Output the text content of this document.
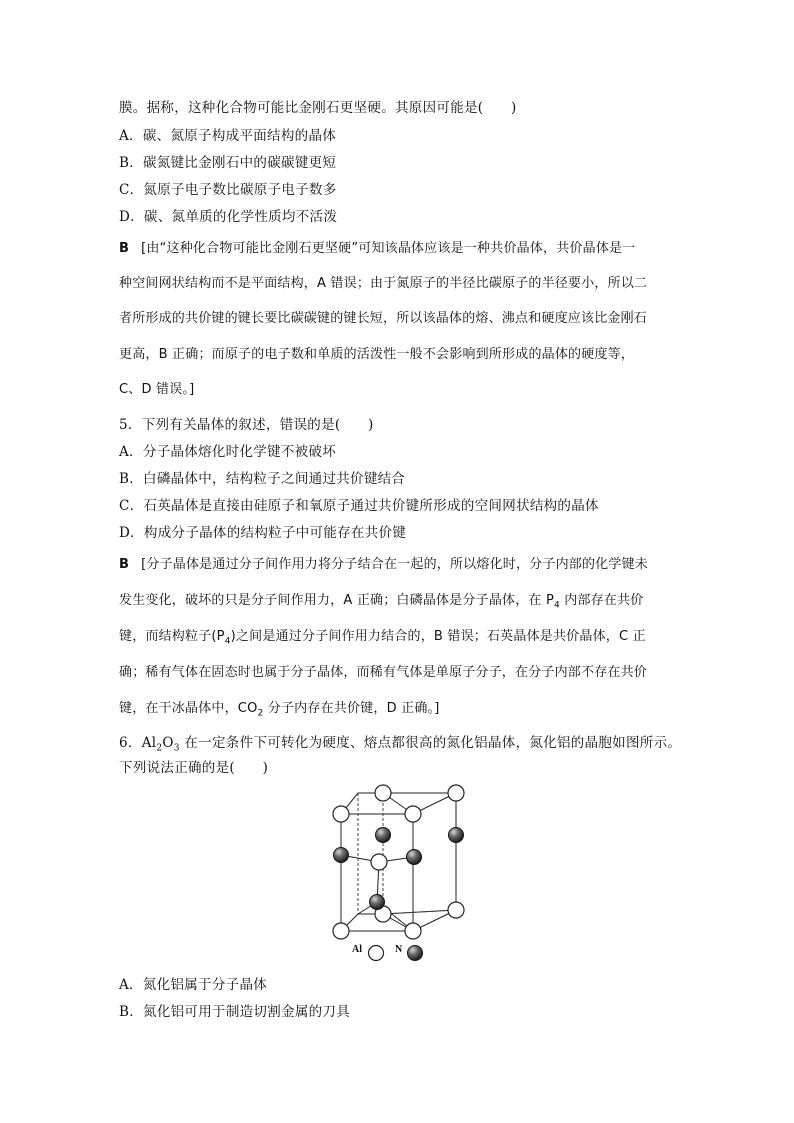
膜。据称，这种化合物可能比金刚石更坚硬。其原因可能是(　　)
A．碳、氮原子构成平面结构的晶体
B．碳氮键比金刚石中的碳碳键更短
C．氮原子电子数比碳原子电子数多
D．碳、氮单质的化学性质均不活泼
B [由“这种化合物可能比金刚石更坚硬”可知该晶体应该是一种共价晶体，共价晶体是一
种空间网状结构而不是平面结构，A 错误；由于氮原子的半径比碳原子的半径要小，所以二
者所形成的共价键的键长要比碳碳键的键长短，所以该晶体的熔、沸点和硬度应该比金刚石
更高，B 正确；而原子的电子数和单质的活泼性一般不会影响到所形成的晶体的硬度等，
C、D 错误。]
5．下列有关晶体的叙述，错误的是(　　)
A．分子晶体熔化时化学键不被破坏
B．白磷晶体中，结构粒子之间通过共价键结合
C．石英晶体是直接由硅原子和氧原子通过共价键所形成的空间网状结构的晶体
D．构成分子晶体的结构粒子中可能存在共价键
B [分子晶体是通过分子间作用力将分子结合在一起的，所以熔化时，分子内部的化学键未
发生变化，破坏的只是分子间作用力，A 正确；白磷晶体是分子晶体，在 $P_4$ 内部存在共价
键，而结构粒子$(P_4)$之间是通过分子间作用力结合的，B 错误；石英晶体是共价晶体，C 正
确；稀有气体在固态时也属于分子晶体，而稀有气体是单原子分子，在分子内部不存在共价
键，在干冰晶体中，$CO_2$ 分子内存在共价键，D 正确。]
6．$Al_2O_3$ 在一定条件下可转化为硬度、熔点都很高的氮化铝晶体，氮化铝的晶胞如图所示。
下列说法正确的是(　　)
Al	N
A．氮化铝属于分子晶体
B．氮化铝可用于制造切割金属的刀具
